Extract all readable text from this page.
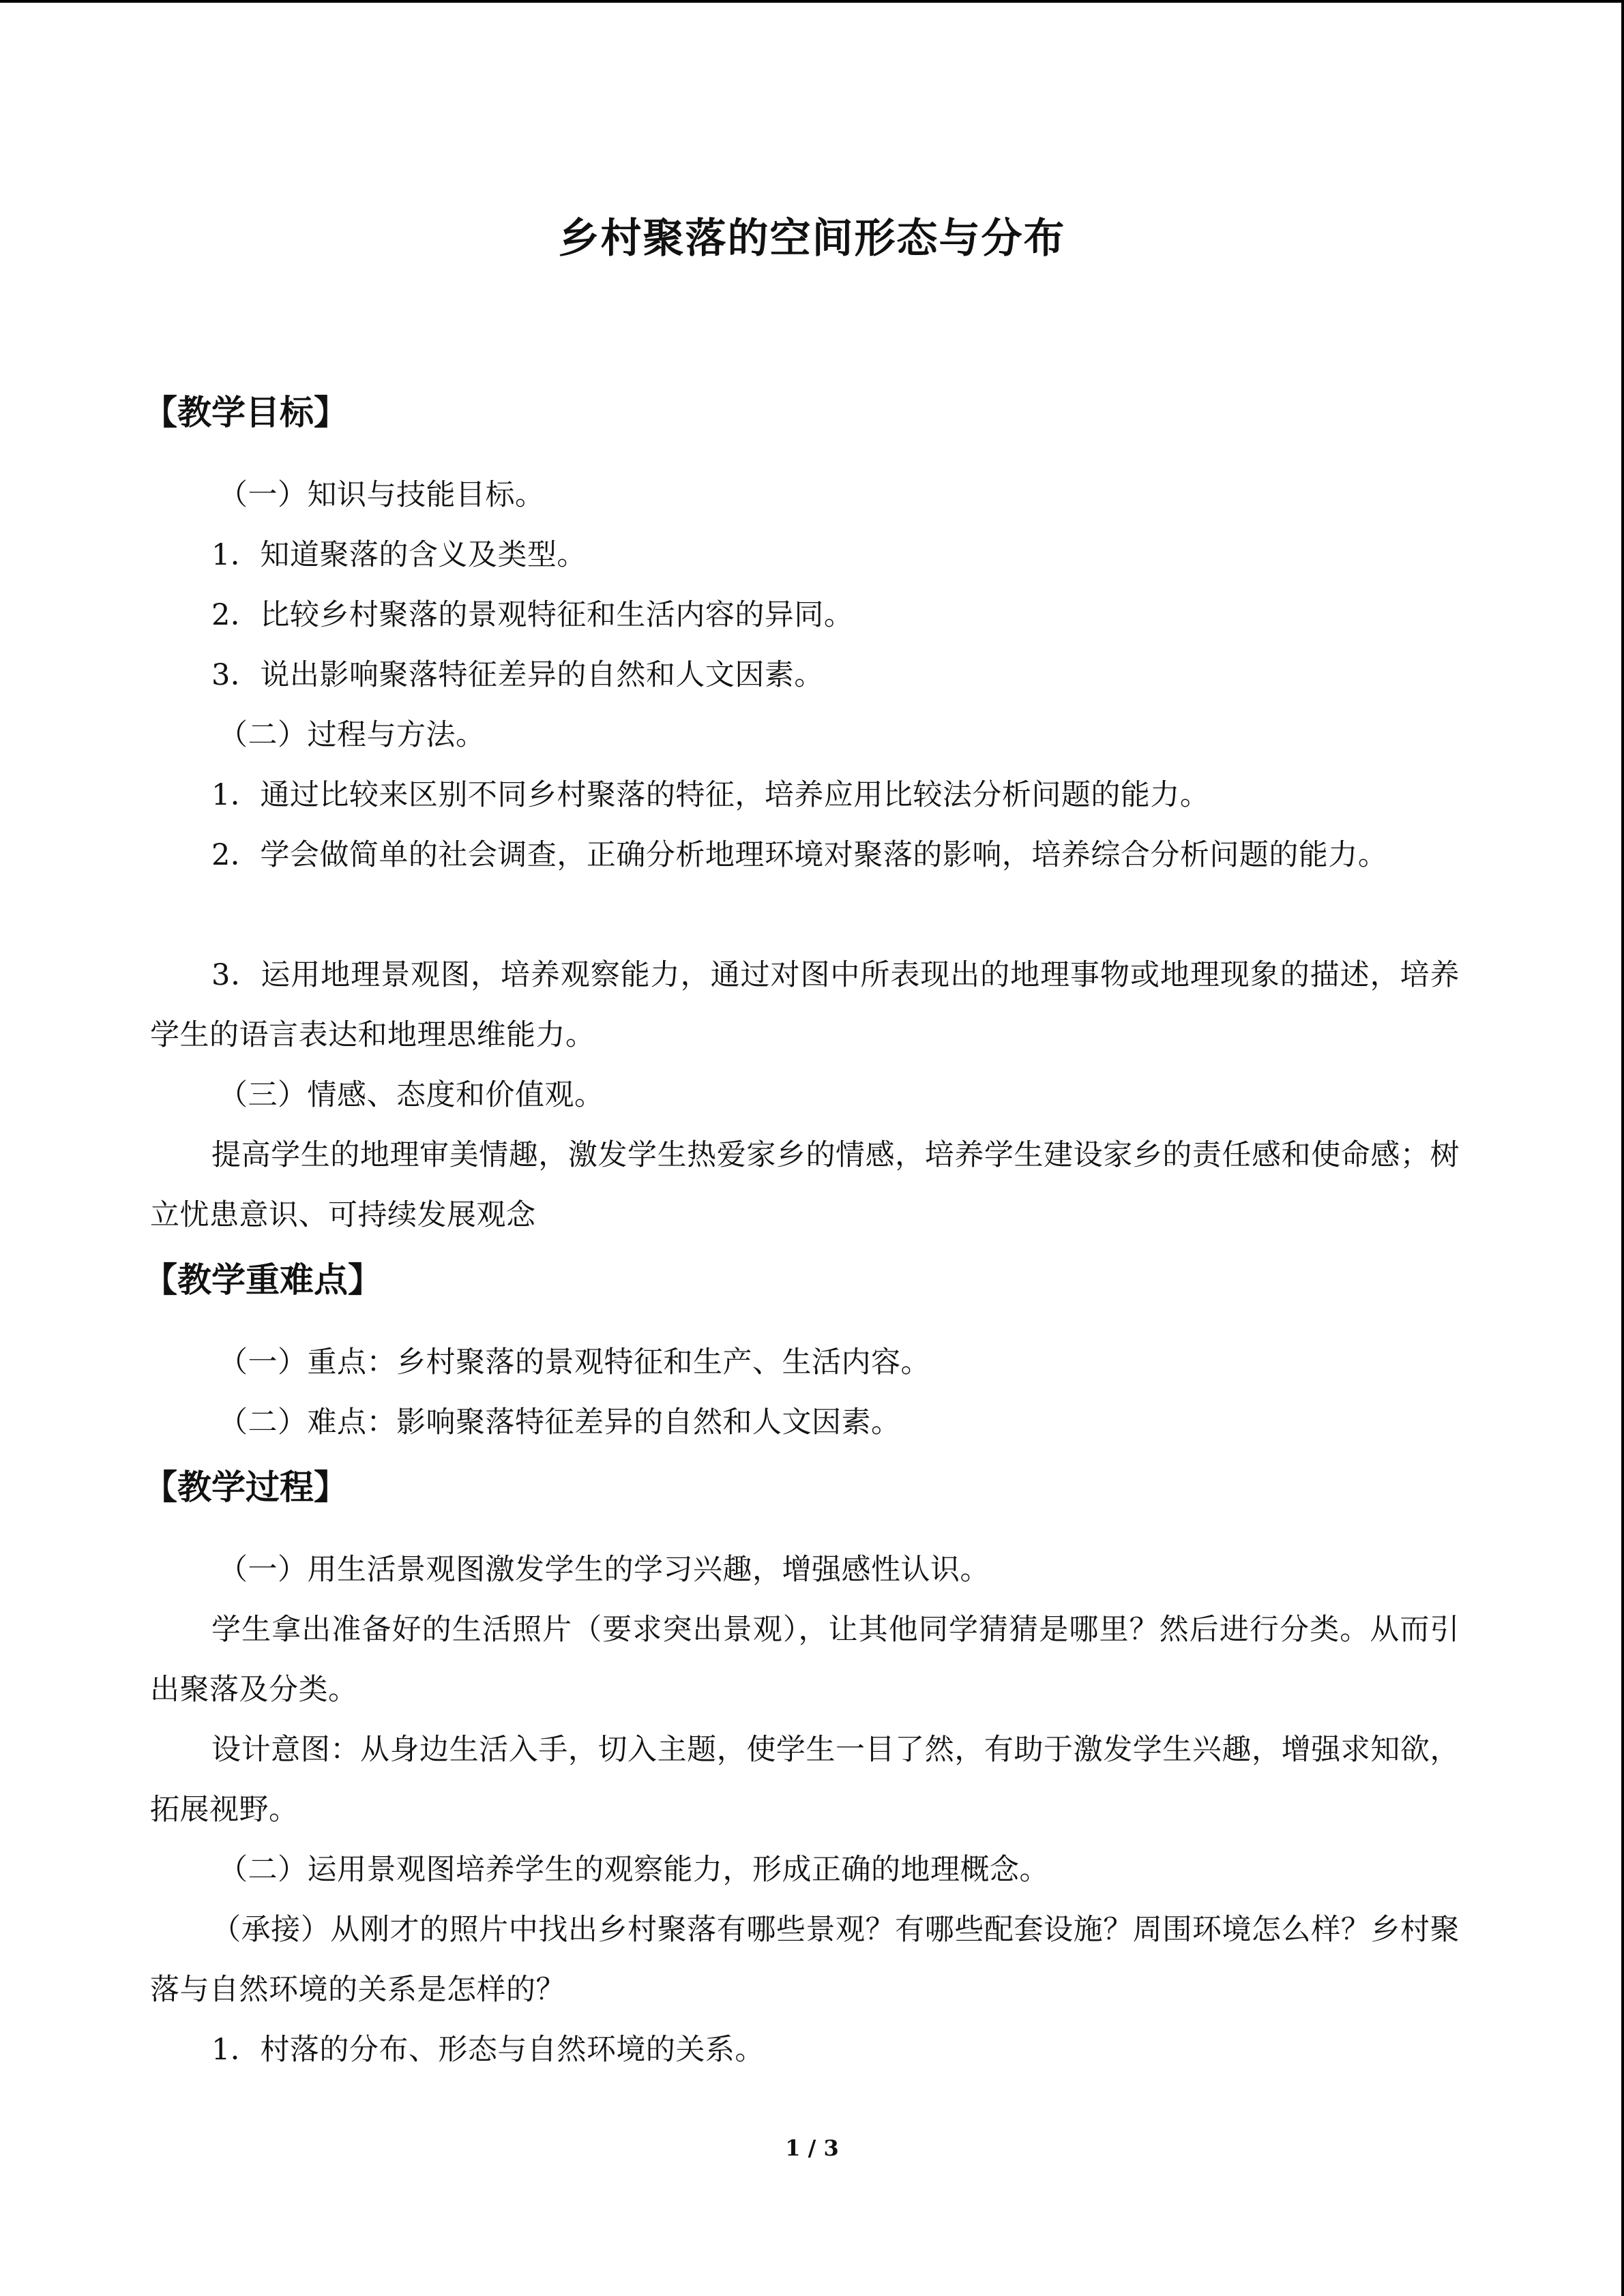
乡村聚落的空间形态与分布
【教学目标】

（一）知识与技能目标。

1．知道聚落的含义及类型。

2．比较乡村聚落的景观特征和生活内容的异同。

3．说出影响聚落特征差异的自然和人文因素。

（二）过程与方法。

1．通过比较来区别不同乡村聚落的特征，培养应用比较法分析问题的能力。

2．学会做简单的社会调查，正确分析地理环境对聚落的影响，培养综合分析问题的能力。

3．运用地理景观图，培养观察能力，通过对图中所表现出的地理事物或地理现象的描述，培养学生的语言表达和地理思维能力。

（三）情感、态度和价值观。

提高学生的地理审美情趣，激发学生热爱家乡的情感，培养学生建设家乡的责任感和使命感；树立忧患意识、可持续发展观念

【教学重难点】

（一）重点：乡村聚落的景观特征和生产、生活内容。

（二）难点：影响聚落特征差异的自然和人文因素。

【教学过程】

（一）用生活景观图激发学生的学习兴趣，增强感性认识。

学生拿出准备好的生活照片（要求突出景观），让其他同学猜猜是哪里？然后进行分类。从而引出聚落及分类。

设计意图：从身边生活入手，切入主题，使学生一目了然，有助于激发学生兴趣，增强求知欲，拓展视野。

（二）运用景观图培养学生的观察能力，形成正确的地理概念。

（承接）从刚才的照片中找出乡村聚落有哪些景观？有哪些配套设施？周围环境怎么样？乡村聚落与自然环境的关系是怎样的？

1．村落的分布、形态与自然环境的关系。

1 / 3
